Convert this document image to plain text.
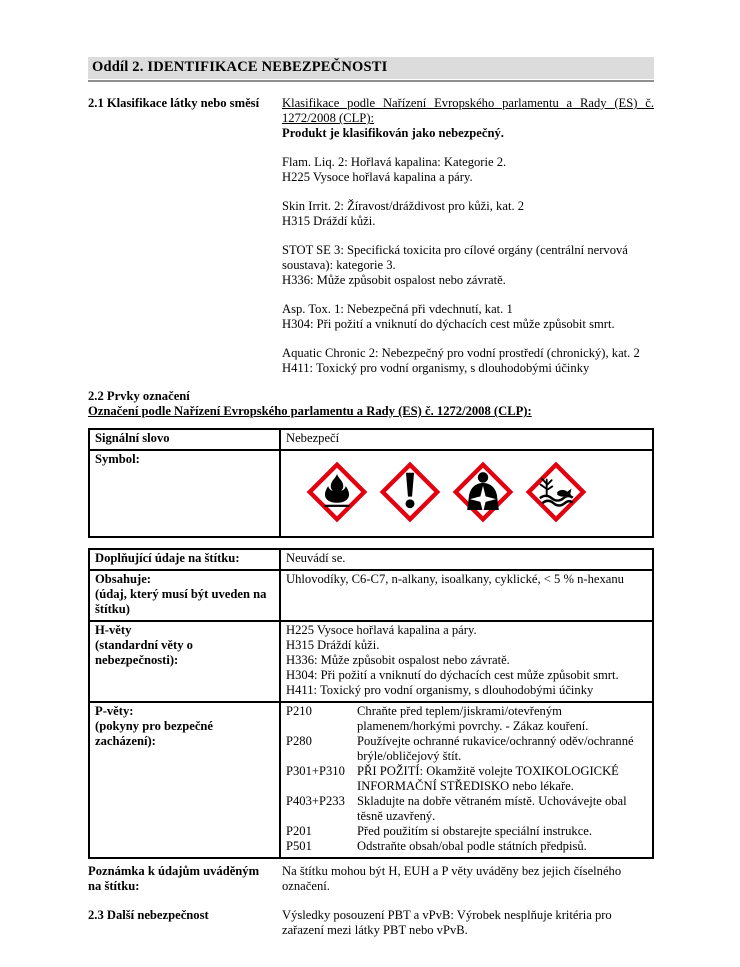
Oddíl 2. IDENTIFIKACE NEBEZPEČNOSTI
2.1 Klasifikace látky nebo směsí	Klasifikace podle Nařízení Evropského parlamentu a Rady (ES) č.
1272/2008 (CLP):
Produkt je klasifikován jako nebezpečný.
Flam. Liq. 2: Hořlavá kapalina: Kategorie 2.
H225 Vysoce hořlavá kapalina a páry.
Skin Irrit. 2: Žíravost/dráždivost pro kůži, kat. 2
H315 Dráždí kůži.
STOT SE 3: Specifická toxicita pro cílové orgány (centrální nervová soustava): kategorie 3.
H336: Může způsobit ospalost nebo závratě.
Asp. Tox. 1: Nebezpečná při vdechnutí, kat. 1
H304: Při požití a vniknutí do dýchacích cest může způsobit smrt.
Aquatic Chronic 2: Nebezpečný pro vodní prostředí (chronický), kat. 2
H411: Toxický pro vodní organismy, s dlouhodobými účinky
2.2 Prvky označení
Označení podle Nařízení Evropského parlamentu a Rady (ES) č. 1272/2008 (CLP):
Signální slovo	Nebezpečí
Symbol:	
Doplňující údaje na štítku:	Neuvádí se.

Obsahuje:
(údaj, který musí být uveden na štítku)	Uhlovodíky, C6-C7, n-alkany, isoalkany, cyklické, < 5 % n-hexanu

H-věty
(standardní věty o nebezpečnosti):

H225 Vysoce hořlavá kapalina a páry.
H315 Dráždí kůži.
H336: Může způsobit ospalost nebo závratě.
H304: Při požití a vniknutí do dýchacích cest může způsobit smrt.
H411: Toxický pro vodní organismy, s dlouhodobými účinky

P-věty:
(pokyny pro bezpečné zacházení):

P210	Chraňte před teplem/jiskrami/otevřeným plamenem/horkými povrchy. - Zákaz kouření.
P280	Používejte ochranné rukavice/ochranný oděv/ochranné brýle/obličejový štít.
P301+P310 PŘI POŽITÍ: Okamžitě volejte TOXIKOLOGICKÉ INFORMAČNÍ STŘEDISKO nebo lékaře.
P403+P233 Skladujte na dobře větraném místě. Uchovávejte obal těsně uzavřený.
P201	Před použitím si obstarejte speciální instrukce.
P501	Odstraňte obsah/obal podle státních předpisů.
Poznámka k údajům uváděným na štítku:
Na štítku mohou být H, EUH a P věty uváděny bez jejich číselného označení.
2.3 Další nebezpečnost	Výsledky posouzení PBT a vPvB: Výrobek nesplňuje kritéria pro zařazení mezi látky PBT nebo vPvB.
